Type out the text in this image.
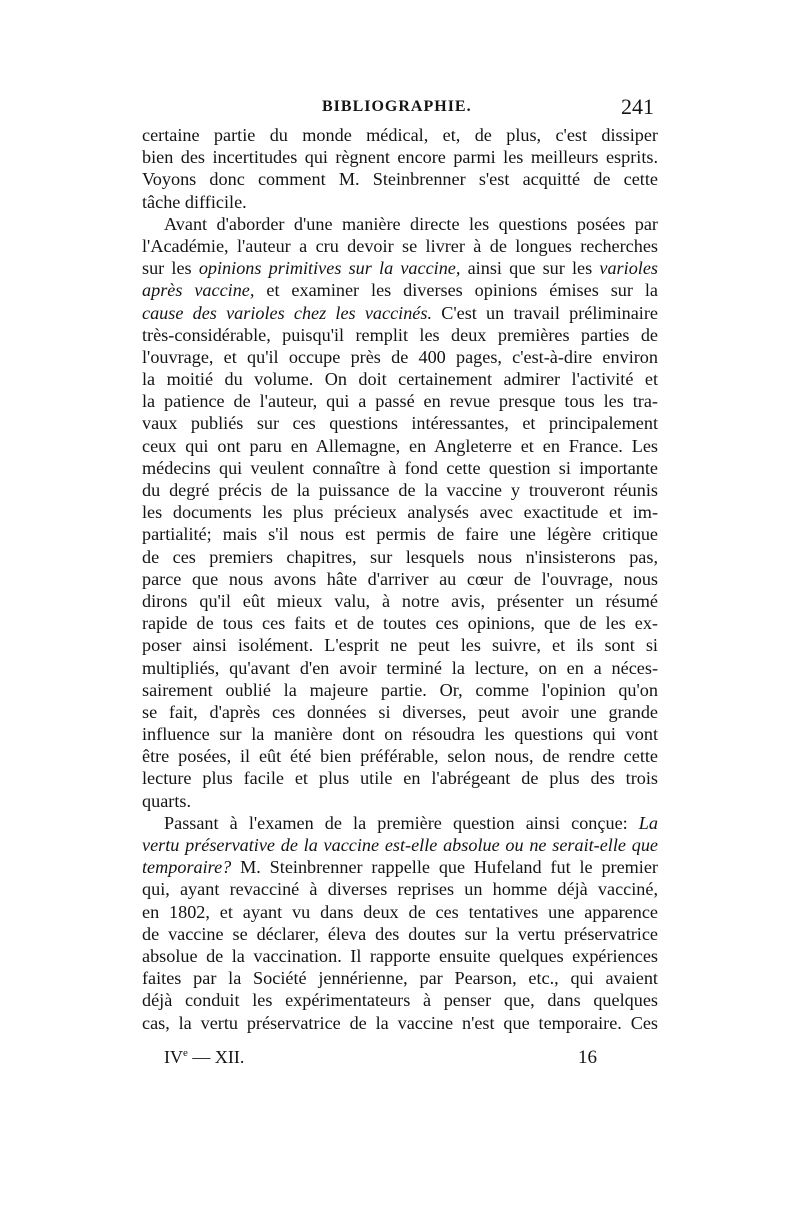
BIBLIOGRAPHIE.	241
certaine partie du monde médical, et, de plus, c'est dissiper
bien des incertitudes qui règnent encore parmi les meilleurs esprits.
Voyons donc comment M. Steinbrenner s'est acquitté de cette
tâche difficile.
Avant d'aborder d'une manière directe les questions posées par
l'Académie, l'auteur a cru devoir se livrer à de longues recherches
sur les opinions primitives sur la vaccine, ainsi que sur les varioles
après vaccine, et examiner les diverses opinions émises sur la
cause des varioles chez les vaccinés. C'est un travail préliminaire
très-considérable, puisqu'il remplit les deux premières parties de
l'ouvrage, et qu'il occupe près de 400 pages, c'est-à-dire environ
la moitié du volume. On doit certainement admirer l'activité et
la patience de l'auteur, qui a passé en revue presque tous les tra-
vaux publiés sur ces questions intéressantes, et principalement
ceux qui ont paru en Allemagne, en Angleterre et en France. Les
médecins qui veulent connaître à fond cette question si importante
du degré précis de la puissance de la vaccine y trouveront réunis
les documents les plus précieux analysés avec exactitude et im-
partialité; mais s'il nous est permis de faire une légère critique
de ces premiers chapitres, sur lesquels nous n'insisterons pas,
parce que nous avons hâte d'arriver au cœur de l'ouvrage, nous
dirons qu'il eût mieux valu, à notre avis, présenter un résumé
rapide de tous ces faits et de toutes ces opinions, que de les ex-
poser ainsi isolément. L'esprit ne peut les suivre, et ils sont si
multipliés, qu'avant d'en avoir terminé la lecture, on en a néces-
sairement oublié la majeure partie. Or, comme l'opinion qu'on
se fait, d'après ces données si diverses, peut avoir une grande
influence sur la manière dont on résoudra les questions qui vont
être posées, il eût été bien préférable, selon nous, de rendre cette
lecture plus facile et plus utile en l'abrégeant de plus des trois
quarts.
Passant à l'examen de la première question ainsi conçue: La
vertu préservative de la vaccine est-elle absolue ou ne serait-elle que
temporaire? M. Steinbrenner rappelle que Hufeland fut le premier
qui, ayant revacciné à diverses reprises un homme déjà vacciné,
en 1802, et ayant vu dans deux de ces tentatives une apparence
de vaccine se déclarer, éleva des doutes sur la vertu préservatrice
absolue de la vaccination. Il rapporte ensuite quelques expériences
faites par la Société jennérienne, par Pearson, etc., qui avaient
déjà conduit les expérimentateurs à penser que, dans quelques
cas, la vertu préservatrice de la vaccine n'est que temporaire. Ces
IVe — XII.	16
